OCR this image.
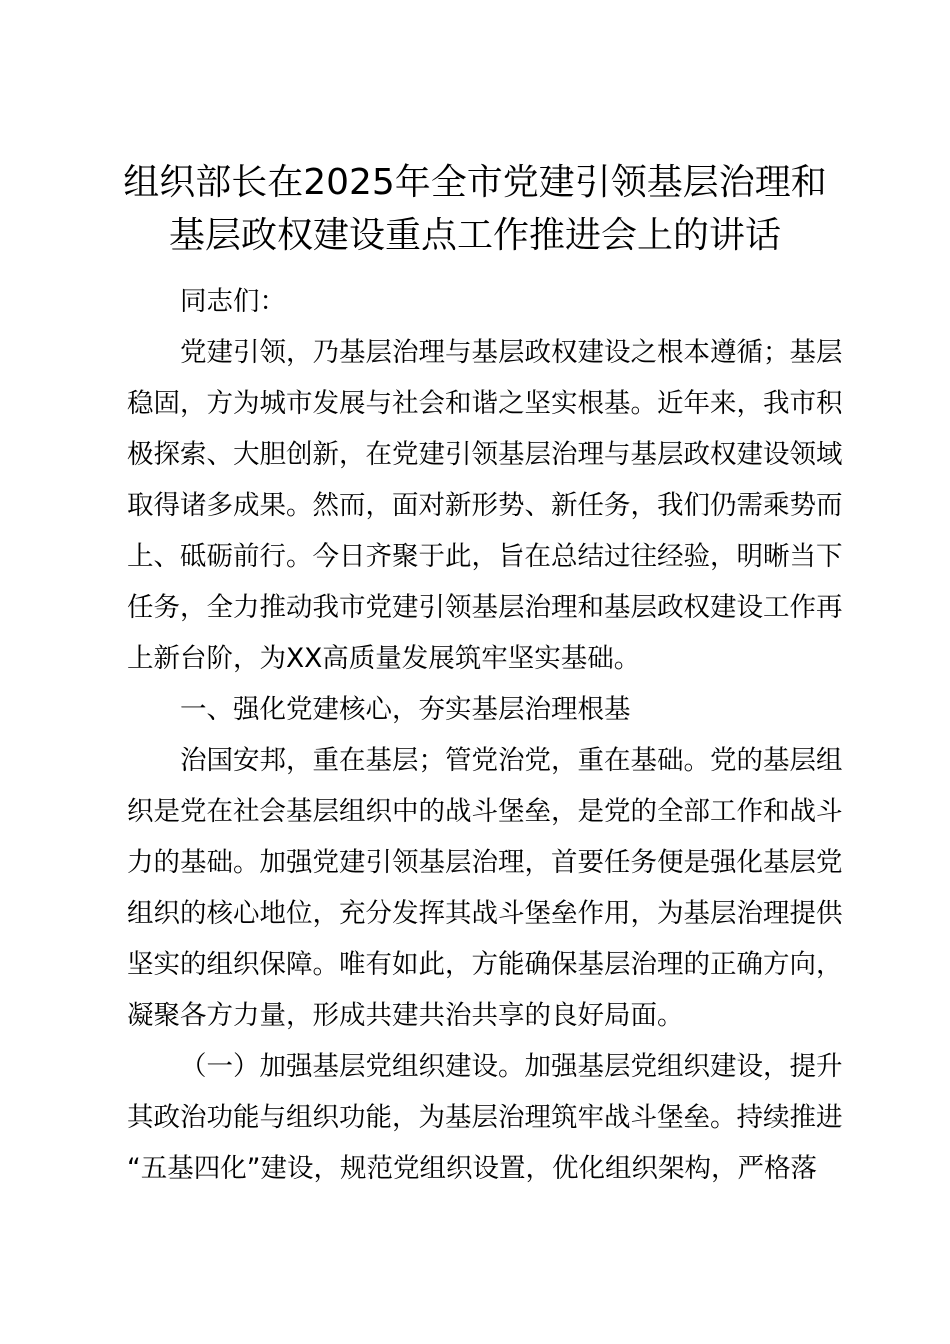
组织部长在2025年全市党建引领基层治理和
基层政权建设重点工作推进会上的讲话
同志们：
党建引领，乃基层治理与基层政权建设之根本遵循；基层
稳固，方为城市发展与社会和谐之坚实根基。近年来，我市积
极探索、大胆创新，在党建引领基层治理与基层政权建设领域
取得诸多成果。然而，面对新形势、新任务，我们仍需乘势而
上、砥砺前行。今日齐聚于此，旨在总结过往经验，明晰当下
任务，全力推动我市党建引领基层治理和基层政权建设工作再
上新台阶，为XX高质量发展筑牢坚实基础。
一、强化党建核心，夯实基层治理根基
治国安邦，重在基层；管党治党，重在基础。党的基层组
织是党在社会基层组织中的战斗堡垒，是党的全部工作和战斗
力的基础。加强党建引领基层治理，首要任务便是强化基层党
组织的核心地位，充分发挥其战斗堡垒作用，为基层治理提供
坚实的组织保障。唯有如此，方能确保基层治理的正确方向，
凝聚各方力量，形成共建共治共享的良好局面。
（一）加强基层党组织建设。加强基层党组织建设，提升
其政治功能与组织功能，为基层治理筑牢战斗堡垒。持续推进
“五基四化”建设，规范党组织设置，优化组织架构，严格落
